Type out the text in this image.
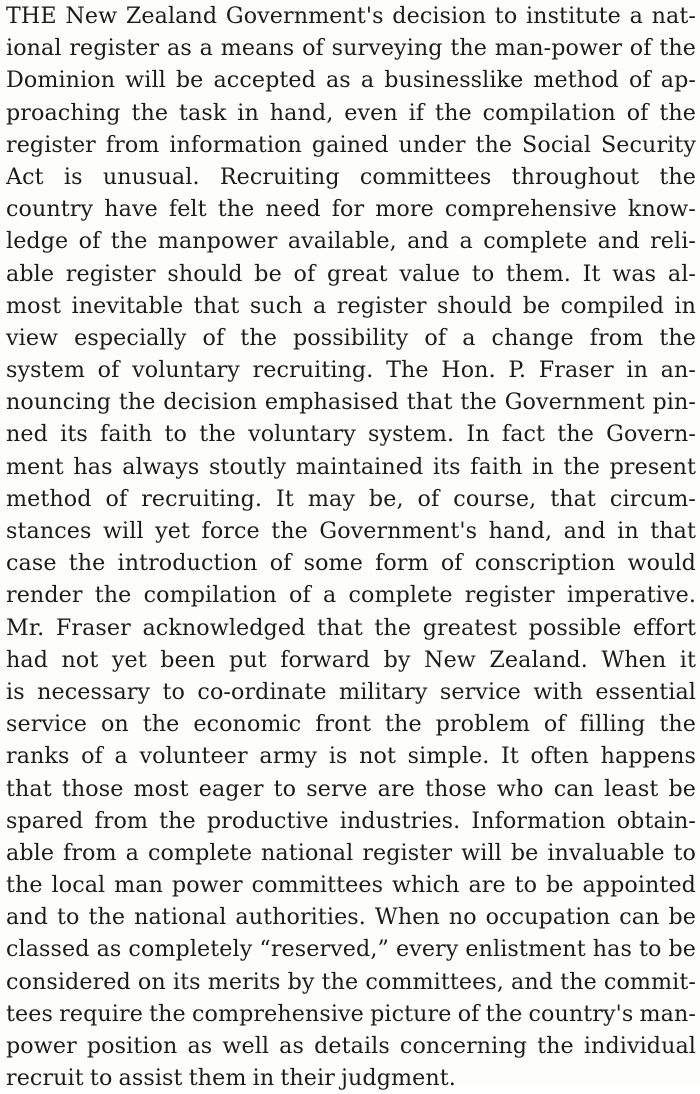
THE New Zealand Government's decision to institute a nat-
ional register as a means of surveying the man-power of the
Dominion will be accepted as a businesslike method of ap-
proaching the task in hand, even if the compilation of the
register from information gained under the Social Security
Act is unusual. Recruiting committees throughout the
country have felt the need for more comprehensive know-
ledge of the manpower available, and a complete and reli-
able register should be of great value to them. It was al-
most inevitable that such a register should be compiled in
view especially of the possibility of a change from the
system of voluntary recruiting. The Hon. P. Fraser in an-
nouncing the decision emphasised that the Government pin-
ned its faith to the voluntary system. In fact the Govern-
ment has always stoutly maintained its faith in the present
method of recruiting. It may be, of course, that circum-
stances will yet force the Government's hand, and in that
case the introduction of some form of conscription would
render the compilation of a complete register imperative.
Mr. Fraser acknowledged that the greatest possible effort
had not yet been put forward by New Zealand. When it
is necessary to co-ordinate military service with essential
service on the economic front the problem of filling the
ranks of a volunteer army is not simple. It often happens
that those most eager to serve are those who can least be
spared from the productive industries. Information obtain-
able from a complete national register will be invaluable to
the local man power committees which are to be appointed
and to the national authorities. When no occupation can be
classed as completely “reserved,” every enlistment has to be
considered on its merits by the committees, and the commit-
tees require the comprehensive picture of the country's man-
power position as well as details concerning the individual
recruit to assist them in their judgment.
